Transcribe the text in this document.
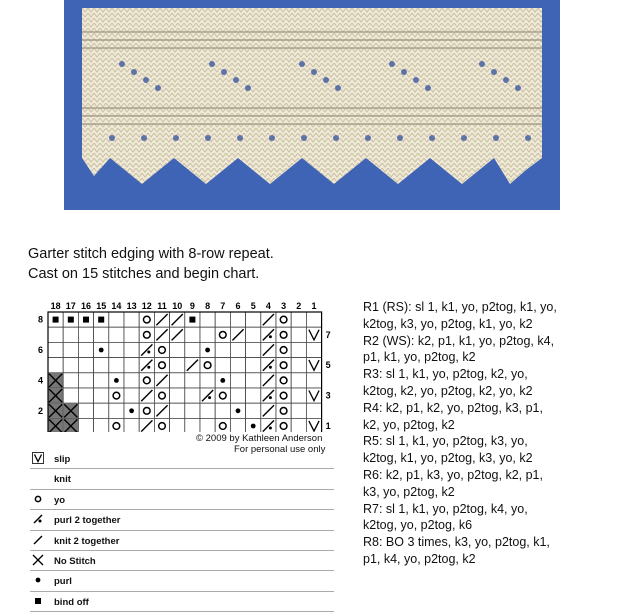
Garter stitch edging with 8-row repeat.
Cast on 15 stitches and begin chart.
18 17 16 15 14 13 12 11 10 9 8 7 6 5 4 3 2 1
8
6
4
2
7
5
3
1
© 2009 by Kathleen Anderson
For personal use only
slip
knit
yo
purl 2 together
knit 2 together
No Stitch
purl
bind off
R1 (RS): sl 1, k1, yo, p2tog, k1, yo,
k2tog, k3, yo, p2tog, k1, yo, k2
R2 (WS): k2, p1, k1, yo, p2tog, k4,
p1, k1, yo, p2tog, k2
R3: sl 1, k1, yo, p2tog, k2, yo,
k2tog, k2, yo, p2tog, k2, yo, k2
R4: k2, p1, k2, yo, p2tog, k3, p1,
k2, yo, p2tog, k2
R5: sl 1, k1, yo, p2tog, k3, yo,
k2tog, k1, yo, p2tog, k3, yo, k2
R6: k2, p1, k3, yo, p2tog, k2, p1,
k3, yo, p2tog, k2
R7: sl 1, k1, yo, p2tog, k4, yo,
k2tog, yo, p2tog, k6
R8: BO 3 times, k3, yo, p2tog, k1,
p1, k4, yo, p2tog, k2
